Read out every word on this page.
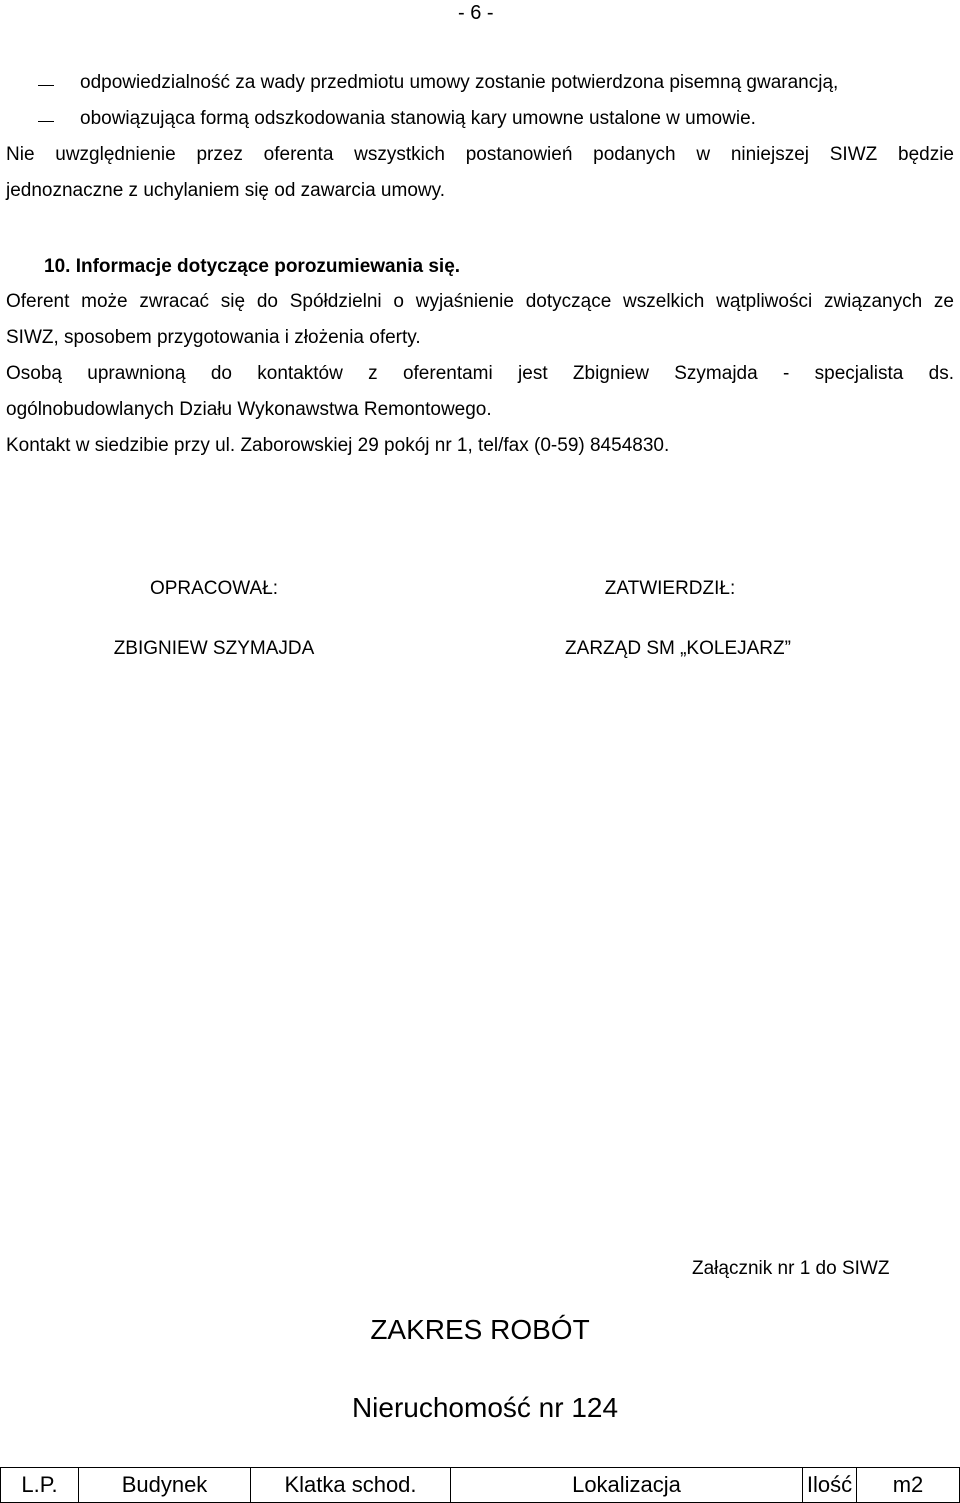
- 6 -
odpowiedzialność za wady przedmiotu umowy zostanie potwierdzona pisemną gwarancją,
obowiązująca formą odszkodowania stanowią kary umowne ustalone w umowie.
Nie uwzględnienie przez oferenta wszystkich postanowień podanych w niniejszej SIWZ będzie
jednoznaczne z uchylaniem się od zawarcia umowy.
10. Informacje dotyczące porozumiewania się.
Oferent może zwracać się do Spółdzielni o wyjaśnienie dotyczące wszelkich wątpliwości związanych ze
SIWZ, sposobem przygotowania i złożenia oferty.
Osobą uprawnioną do kontaktów z oferentami jest Zbigniew Szymajda - specjalista ds.
ogólnobudowlanych Działu Wykonawstwa Remontowego.
Kontakt w siedzibie przy ul. Zaborowskiej 29 pokój nr 1, tel/fax (0-59) 8454830.
OPRACOWAŁ:
ZBIGNIEW SZYMAJDA
ZATWIERDZIŁ:
ZARZĄD SM „KOLEJARZ”
Załącznik nr 1 do SIWZ
ZAKRES ROBÓT
Nieruchomość nr 124
L.P.	Budynek	Klatka schod.	Lokalizacja	Ilość	m2
